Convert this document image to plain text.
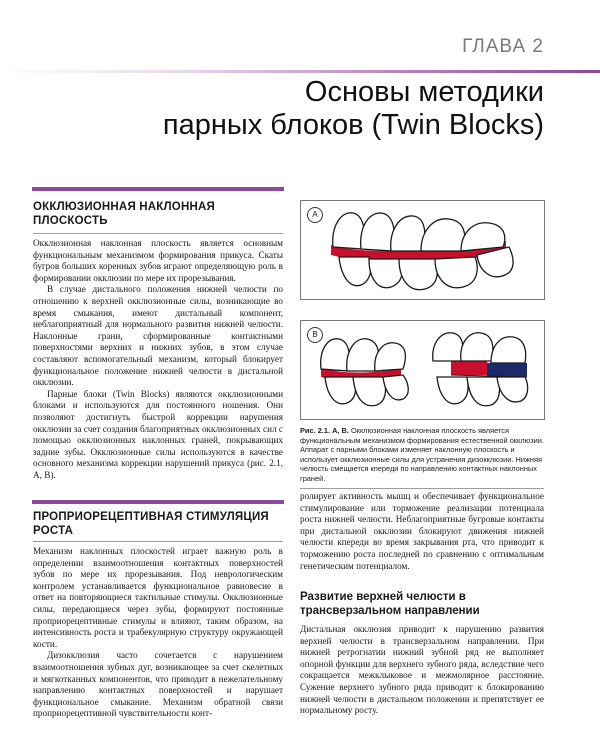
ГЛАВА 2
Основы методики
парных блоков (Twin Blocks)
ОККЛЮЗИОННАЯ НАКЛОННАЯ
ПЛОСКОСТЬ

Окклюзионная наклонная плоскость является основным функциональным механизмом формирования прикуса. Скаты бугров больших коренных зубов играют определяющую роль в формировании окклюзии по мере их прорезывания.

В случае дистального положения нижней челюсти по отношению к верхней окклюзионные силы, возникающие во время смыкания, имеют дистальный компонент, неблагоприятный для нормального развития нижней челюсти. Наклонные грани, сформированные контактными поверхностями верхних и нижних зубов, в этом случае составляют вспомогательный механизм, который блокирует функциональное положение нижней челюсти в дистальной окклюзии.

Парные блоки (Twin Blocks) являются окклюзионными блоками и используются для постоянного ношения. Они позволяют достигнуть быстрой коррекции нарушения окклюзии за счет создания благоприятных окклюзионных сил с помощью окклюзионных наклонных граней, покрывающих задние зубы. Окклюзионные силы используются в качестве основного механизма коррекции нарушений прикуса (рис. 2.1, А, В).

ПРОПРИОРЕЦЕПТИВНАЯ СТИМУЛЯЦИЯ
РОСТА

Механизм наклонных плоскостей играет важную роль в определении взаимоотношения контактных поверхностей зубов по мере их прорезывания. Под неврологическим контролем устанавливается функциональное равновесие в ответ на повторяющиеся тактильные стимулы. Окклюзионные силы, передающиеся через зубы, формируют постоянные проприорецептивные стимулы и влияют, таким образом, на интенсивность роста и трабекулярную структуру окружающей кости.

Дизокклюзия часто сочетается с нарушением взаимоотношения зубных дуг, возникающее за счет скелетных и мягкотканных компонентов, что приводит в нежелательному направлению контактных поверхностей и нарушает функциональное смыкание. Механизм обратной связи проприорецептивной чувствительности конт-

A
B
Рис. 2.1. А, В. Окклюзионная наклонная плоскость является функциональным механизмом формирования естественной окклюзии. Аппарат с парными блоками изменяет наклонную плоскость и использует окклюзионные силы для устранения дизокклюзии. Нижняя челюсть смещается кпереди по направлению контактных наклонных граней.

ролирует активность мышц и обеспечивает функциональное стимулирование или торможение реализации потенциала роста нижней челюсти. Неблагоприятные бугровые контакты при дистальной окклюзии блокируют движения нижней челюсти кпереди во время закрывания рта, что приводит к торможению роста последней по сравнению с оптимальным генетическим потенциалом.

Развитие верхней челюсти в
трансверзальном направлении

Дистальная окклюзия приводит к нарушению развития верхней челюсти в трансверзальном направлении. При нижней ретрогнатии нижний зубной ряд не выполняет опорной функции для верхнего зубного ряда, вследствие чего сокращается межклыковое и межмолярное расстояние. Сужение верхнего зубного ряда приводит к блокированию нижней челюсти в дистальном положении и препятствует ее нормальному росту.
